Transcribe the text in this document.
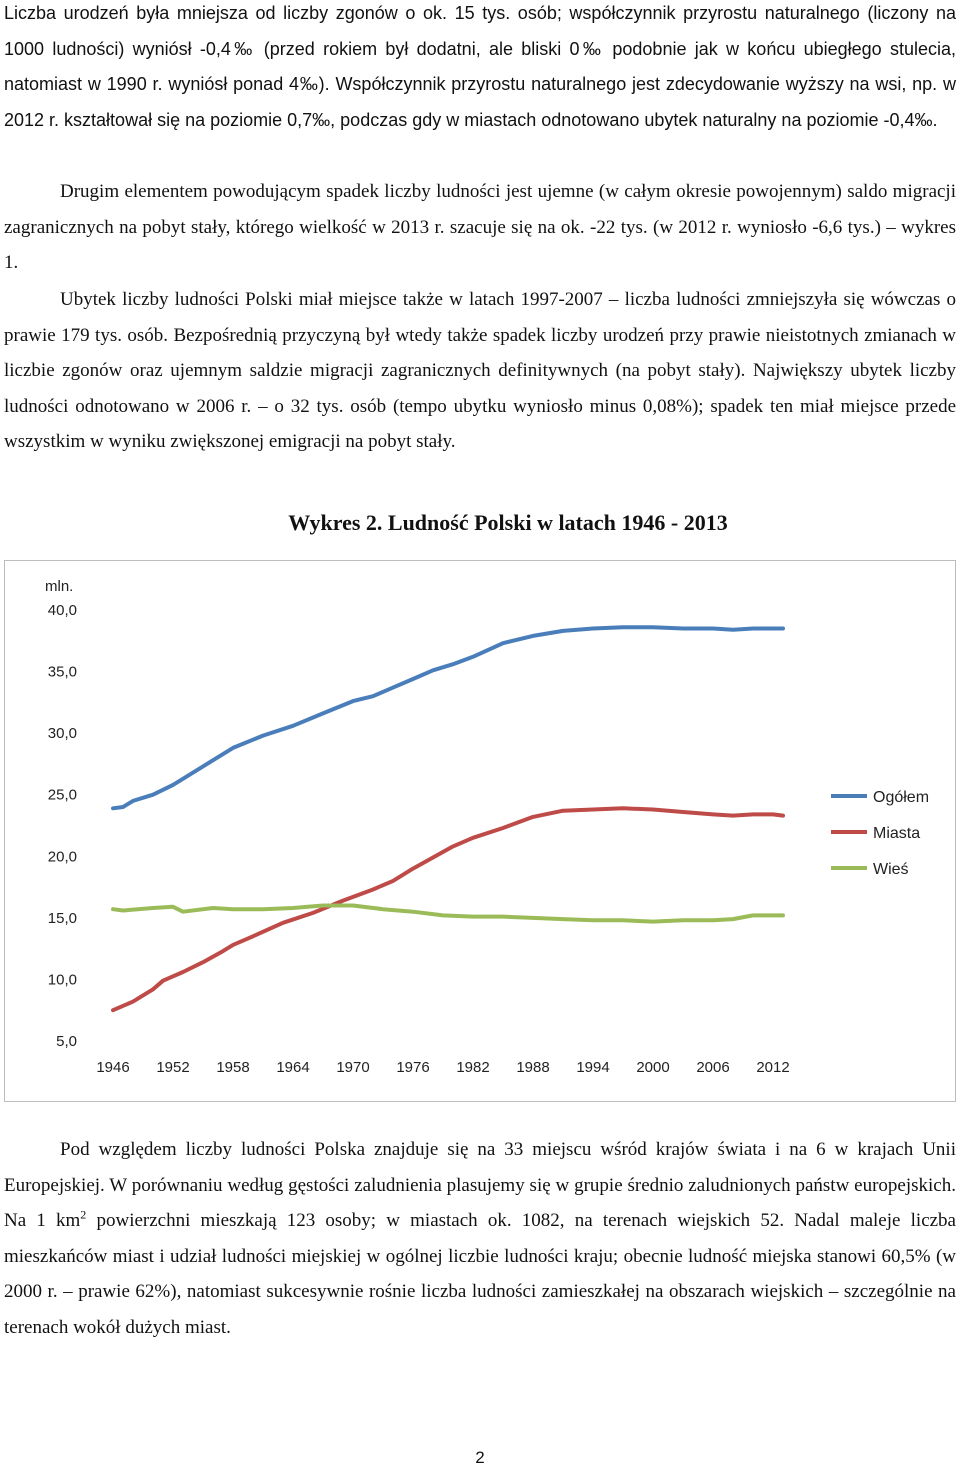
Liczba urodzeń była mniejsza od liczby zgonów o ok. 15 tys. osób; współczynnik przyrostu naturalnego (liczony na 1000 ludności) wyniósł -0,4‰ (przed rokiem był dodatni, ale bliski 0‰ podobnie jak w końcu ubiegłego stulecia, natomiast w 1990 r. wyniósł ponad 4‰). Współczynnik przyrostu naturalnego jest zdecydowanie wyższy na wsi, np. w 2012 r. kształtował się na poziomie 0,7‰, podczas gdy w miastach odnotowano ubytek naturalny na poziomie -0,4‰.

Drugim elementem powodującym spadek liczby ludności jest ujemne (w całym okresie powojennym) saldo migracji zagranicznych na pobyt stały, którego wielkość w 2013 r. szacuje się na ok. -22 tys. (w 2012 r. wyniosło -6,6 tys.) – wykres 1.

Ubytek liczby ludności Polski miał miejsce także w latach 1997-2007 – liczba ludności zmniejszyła się wówczas o prawie 179 tys. osób. Bezpośrednią przyczyną był wtedy także spadek liczby urodzeń przy prawie nieistotnych zmianach w liczbie zgonów oraz ujemnym saldzie migracji zagranicznych definitywnych (na pobyt stały). Największy ubytek liczby ludności odnotowano w 2006 r. – o 32 tys. osób (tempo ubytku wyniosło minus 0,08%); spadek ten miał miejsce przede wszystkim w wyniku zwiększonej emigracji na pobyt stały.

Wykres 2. Ludność Polski w latach 1946 - 2013
mln.
40,0
35,0
30,0
25,0
20,0
15,0
10,0
5,0
1946 1952 1958 1964 1970 1976 1982 1988 1994 2000 2006 2012
Ogółem
Miasta
Wieś

Pod względem liczby ludności Polska znajduje się na 33 miejscu wśród krajów świata i na 6 w krajach Unii Europejskiej. W porównaniu według gęstości zaludnienia plasujemy się w grupie średnio zaludnionych państw europejskich. Na 1 $km^2$ powierzchni mieszkają 123 osoby; w miastach ok. 1082, na terenach wiejskich 52. Nadal maleje liczba mieszkańców miast i udział ludności miejskiej w ogólnej liczbie ludności kraju; obecnie ludność miejska stanowi 60,5% (w 2000 r. – prawie 62%), natomiast sukcesywnie rośnie liczba ludności zamieszkałej na obszarach wiejskich – szczególnie na terenach wokół dużych miast.

2
